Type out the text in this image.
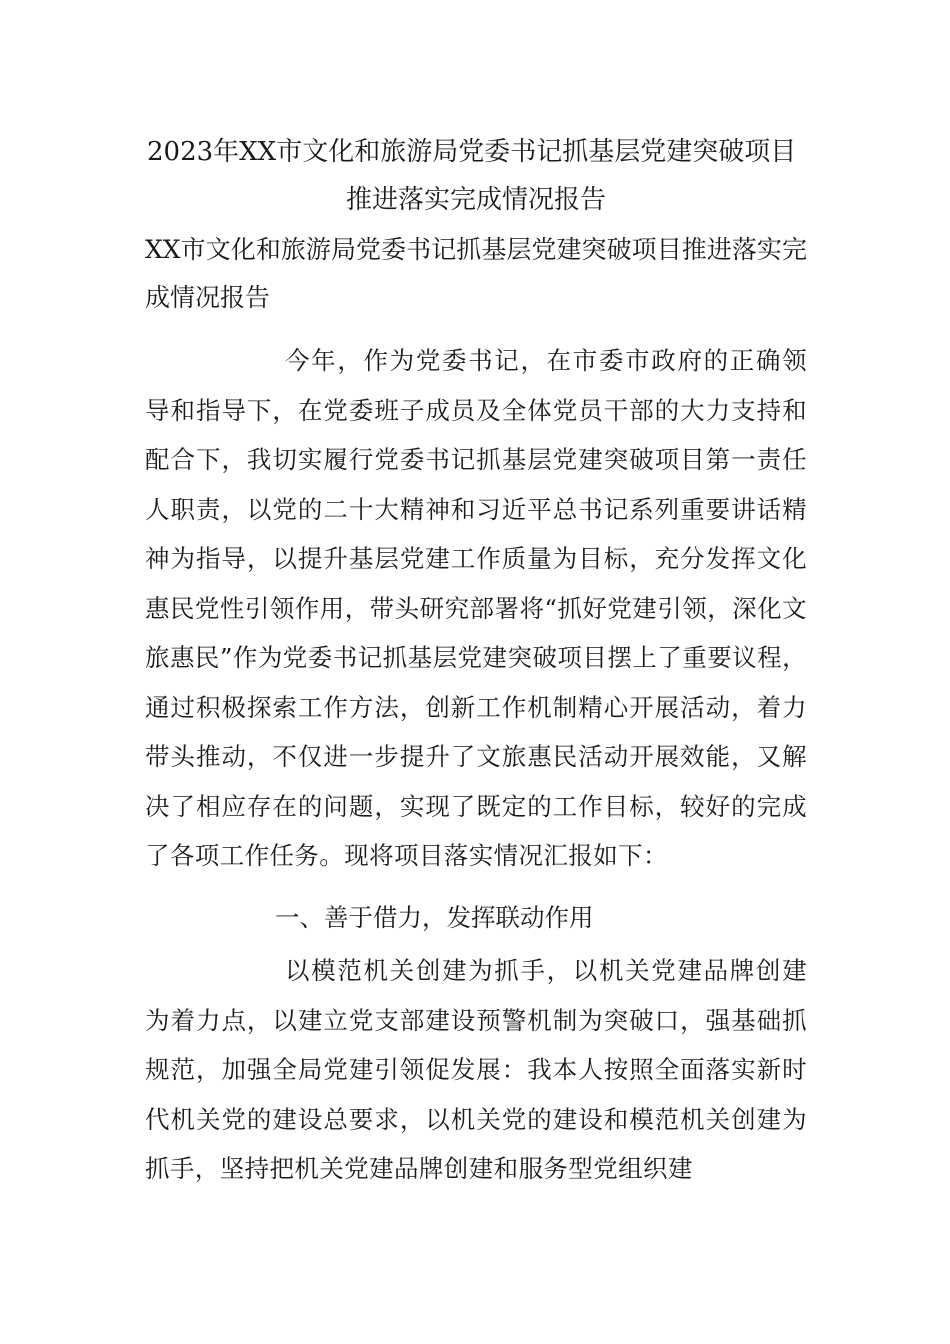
2023年XX市文化和旅游局党委书记抓基层党建突破项目

推进落实完成情况报告

XX市文化和旅游局党委书记抓基层党建突破项目推进落实完成情况报告

今年，作为党委书记，在市委市政府的正确领导和指导下，在党委班子成员及全体党员干部的大力支持和配合下，我切实履行党委书记抓基层党建突破项目第一责任人职责，以党的二十大精神和习近平总书记系列重要讲话精神为指导，以提升基层党建工作质量为目标，充分发挥文化惠民党性引领作用，带头研究部署将“抓好党建引领，深化文旅惠民”作为党委书记抓基层党建突破项目摆上了重要议程，通过积极探索工作方法，创新工作机制精心开展活动，着力带头推动，不仅进一步提升了文旅惠民活动开展效能，又解决了相应存在的问题，实现了既定的工作目标，较好的完成了各项工作任务。现将项目落实情况汇报如下：

一、善于借力，发挥联动作用

以模范机关创建为抓手，以机关党建品牌创建为着力点，以建立党支部建设预警机制为突破口，强基础抓规范，加强全局党建引领促发展：我本人按照全面落实新时代机关党的建设总要求，以机关党的建设和模范机关创建为抓手，坚持把机关党建品牌创建和服务型党组织建
